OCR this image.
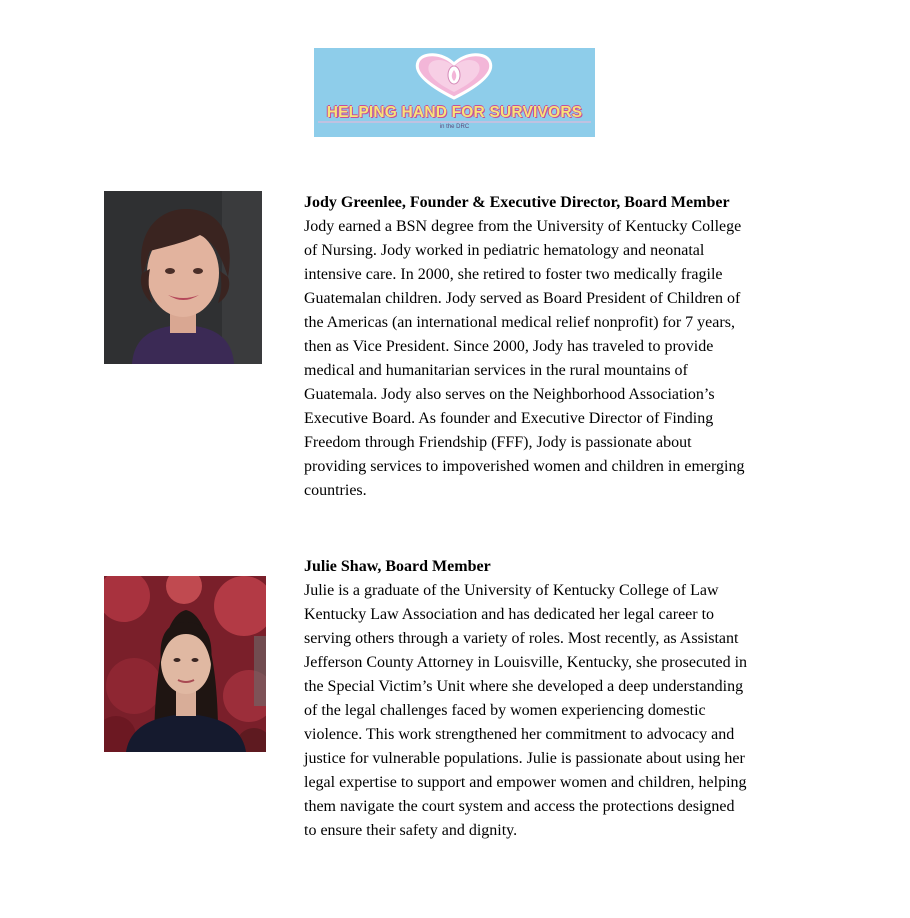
HELPING HAND FOR SURVIVORS
in the DRC
Jody Greenlee, Founder & Executive Director, Board Member
Jody earned a BSN degree from the University of Kentucky College
of Nursing. Jody worked in pediatric hematology and neonatal
intensive care. In 2000, she retired to foster two medically fragile
Guatemalan children. Jody served as Board President of Children of
the Americas (an international medical relief nonprofit) for 7 years,
then as Vice President. Since 2000, Jody has traveled to provide
medical and humanitarian services in the rural mountains of
Guatemala. Jody also serves on the Neighborhood Association’s
Executive Board. As founder and Executive Director of Finding
Freedom through Friendship (FFF), Jody is passionate about
providing services to impoverished women and children in emerging
countries.
Julie Shaw, Board Member
Julie is a graduate of the University of Kentucky College of Law
Kentucky Law Association and has dedicated her legal career to
serving others through a variety of roles. Most recently, as Assistant
Jefferson County Attorney in Louisville, Kentucky, she prosecuted in
the Special Victim’s Unit where she developed a deep understanding
of the legal challenges faced by women experiencing domestic
violence. This work strengthened her commitment to advocacy and
justice for vulnerable populations. Julie is passionate about using her
legal expertise to support and empower women and children, helping
them navigate the court system and access the protections designed
to ensure their safety and dignity.
